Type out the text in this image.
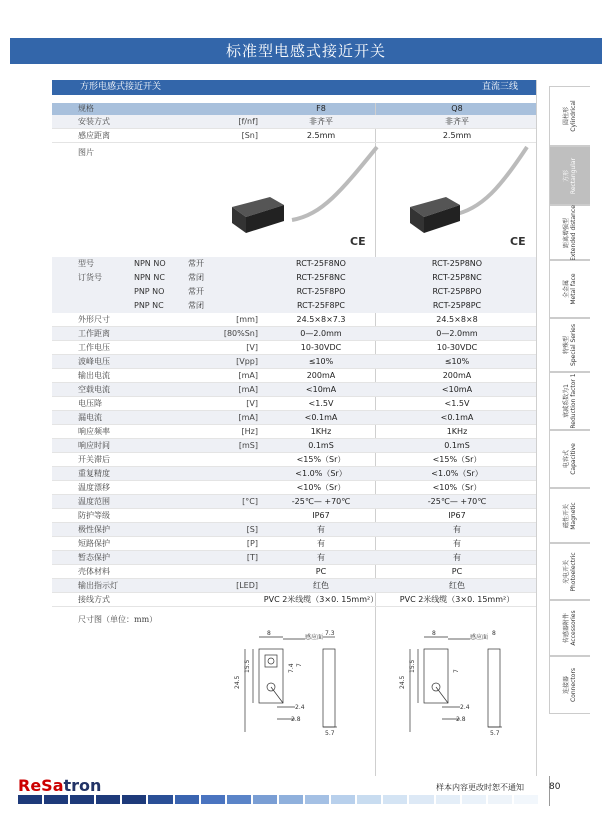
标准型电感式接近开关
方形电感式接近开关	直流三线
规格	F8	Q8
安装方式	[f/nf]	非齐平	非齐平
感应距离	[Sn]	2.5mm	2.5mm
图片
CE	CE
型号	NPN NO	常开	RCT-25F8NO	RCT-25P8NO
订货号	NPN NC	常闭	RCT-25F8NC	RCT-25P8NC
PNP NO	常开	RCT-25F8PO	RCT-25P8PO
PNP NC	常闭	RCT-25F8PC	RCT-25P8PC
外形尺寸	[mm]	24.5×8×7.3	24.5×8×8
工作距离	[80%Sn]	0—2.0mm	0—2.0mm
工作电压	[V]	10-30VDC	10-30VDC
波峰电压	[Vpp]	≤10%	≤10%
输出电流	[mA]	200mA	200mA
空载电流	[mA]	<10mA	<10mA
电压降	[V]	<1.5V	<1.5V
漏电流	[mA]	<0.1mA	<0.1mA
响应频率	[Hz]	1KHz	1KHz
响应时间	[mS]	0.1mS	0.1mS
开关滞后	<15%（Sr）	<15%（Sr）
重复精度	<1.0%（Sr）	<1.0%（Sr）
温度漂移	<10%（Sr）	<10%（Sr）
温度范围	[°C]	-25℃— +70℃	-25℃— +70℃
防护等级	IP67	IP67
极性保护	[S]	有	有
短路保护	[P]	有	有
暂态保护	[T]	有	有
壳体材料	PC	PC
输出指示灯	[LED]	红色	红色
接线方式	PVC 2米线缆（3×0. 15mm²）	PVC 2米线缆（3×0. 15mm²）
尺寸图（单位：mm）
8
感应面
7.3
24.5
15.5	7.4
2.4
2.8
5.7
7
8
感应面
8
24.5
15.5	7
2.4
2.8
5.7
圆柱形 Cylindrical
方形 Rectangular
距离增强型 Extended distance
全金属 Metal face
特殊型 Special Series
衰减系数为1 Reduction factor 1
电容式 Capacitive
磁性开关 Magnetic
光电开关 Photoelectric
传感器附件 Accessories
连接器 Connectors
ReSatron	样本内容更改时恕不通知	80
